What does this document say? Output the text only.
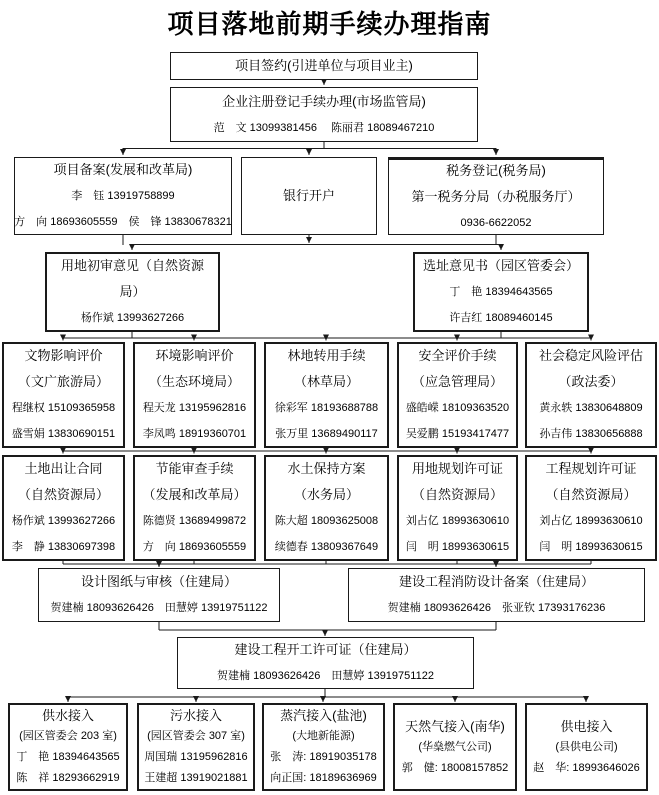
项目落地前期手续办理指南
项目签约(引进单位与项目业主)
企业注册登记手续办理(市场监管局)
范　文 13099381456　 陈丽君 18089467210
项目备案(发展和改革局)
李　钰 13919758899
方　向 18693605559　侯　锋 13830678321
银行开户
税务登记(税务局)
第一税务分局（办税服务厅）
0936-6622052
用地初审意见（自然资源
局）
杨作斌 13993627266
选址意见书（园区管委会）
丁　艳 18394643565
许吉红 18089460145
文物影响评价
（文广旅游局）
程继权 15109365958
盛雪娟 13830690151
环境影响评价
（生态环境局）
程天龙 13195962816
李凤鸣 18919360701
林地转用手续
（林草局）
徐彩军 18193688788
张万里 13689490117
安全评价手续
（应急管理局）
盛皓嵘 18109363520
吴爱鹏 15193417477
社会稳定风险评估
（政法委）
黄永轶 13830648809
孙吉伟 13830656888
土地出让合同
（自然资源局）
杨作斌 13993627266
李　静 13830697398
节能审查手续
（发展和改革局）
陈德贤 13689499872
方　向 18693605559
水土保持方案
（水务局）
陈大超 18093625008
续德春 13809367649
用地规划许可证
（自然资源局）
刘占亿 18993630610
闫　明 18993630615
工程规划许可证
（自然资源局）
刘占亿 18993630610
闫　明 18993630615
设计图纸与审核（住建局）
贺建楠 18093626426　田慧婷 13919751122
建设工程消防设计备案（住建局）
贺建楠 18093626426　张亚钦 17393176236
建设工程开工许可证（住建局）
贺建楠 18093626426　田慧婷 13919751122
供水接入
(园区管委会 203 室)
丁　艳 18394643565
陈　祥 18293662919
污水接入
(园区管委会 307 室)
周国瑞 13195962816
王建超 13919021881
蒸汽接入(盐池)
(大地新能源)
张　涛: 18919035178
向正国: 18189636969
天然气接入(南华)
(华燊燃气公司)
郭　健: 18008157852
供电接入
(县供电公司)
赵　华: 18993646026
